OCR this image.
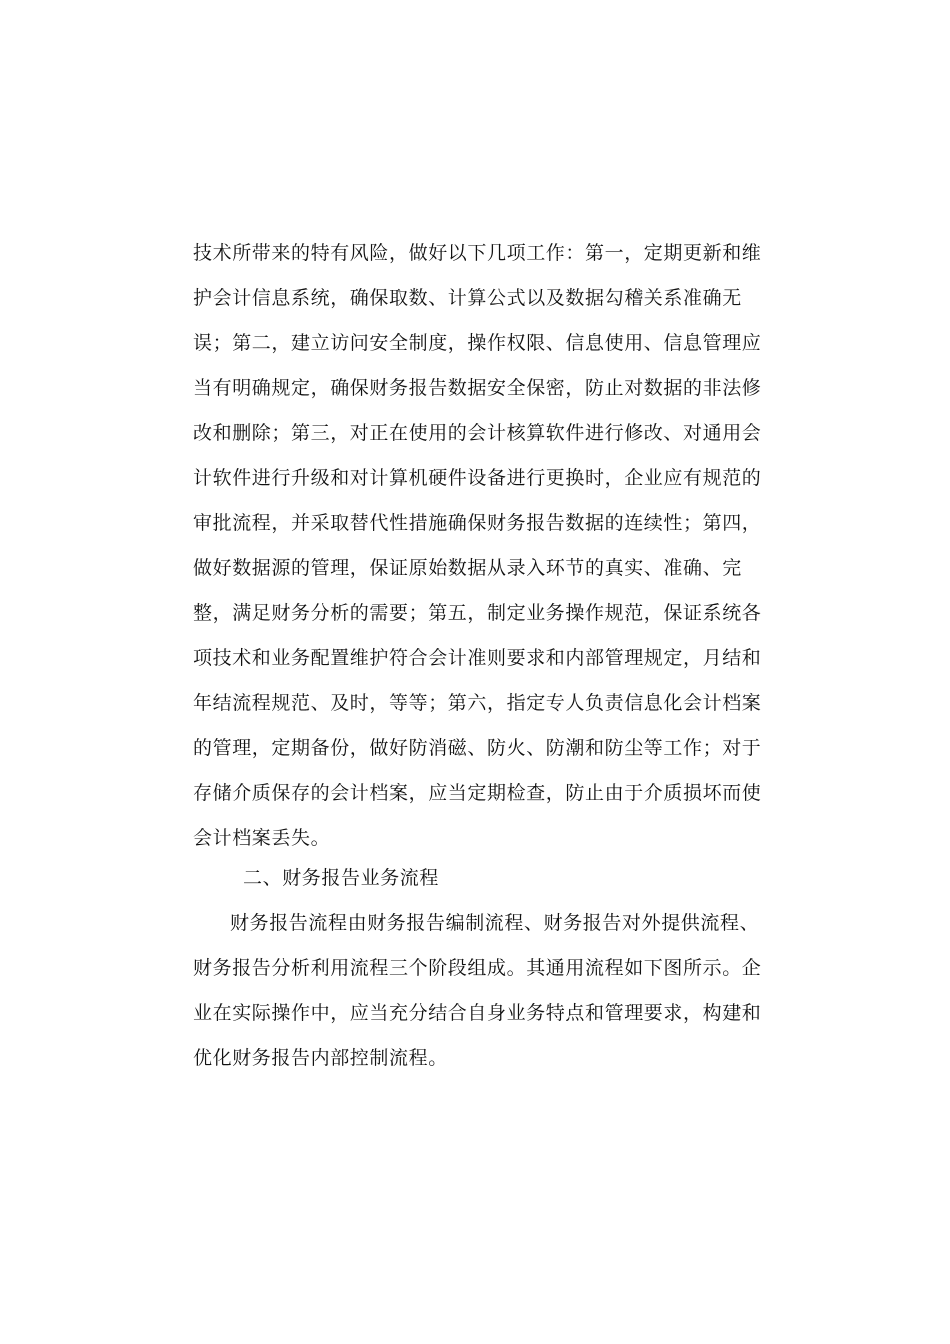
技术所带来的特有风险，做好以下几项工作：第一，定期更新和维
护会计信息系统，确保取数、计算公式以及数据勾稽关系准确无
误；第二，建立访问安全制度，操作权限、信息使用、信息管理应
当有明确规定，确保财务报告数据安全保密，防止对数据的非法修
改和删除；第三，对正在使用的会计核算软件进行修改、对通用会
计软件进行升级和对计算机硬件设备进行更换时，企业应有规范的
审批流程，并采取替代性措施确保财务报告数据的连续性；第四，
做好数据源的管理，保证原始数据从录入环节的真实、准确、完
整，满足财务分析的需要；第五，制定业务操作规范，保证系统各
项技术和业务配置维护符合会计准则要求和内部管理规定，月结和
年结流程规范、及时，等等；第六，指定专人负责信息化会计档案
的管理，定期备份，做好防消磁、防火、防潮和防尘等工作；对于
存储介质保存的会计档案，应当定期检查，防止由于介质损坏而使
会计档案丢失。
二、财务报告业务流程
财务报告流程由财务报告编制流程、财务报告对外提供流程、
财务报告分析利用流程三个阶段组成。其通用流程如下图所示。企
业在实际操作中，应当充分结合自身业务特点和管理要求，构建和
优化财务报告内部控制流程。
